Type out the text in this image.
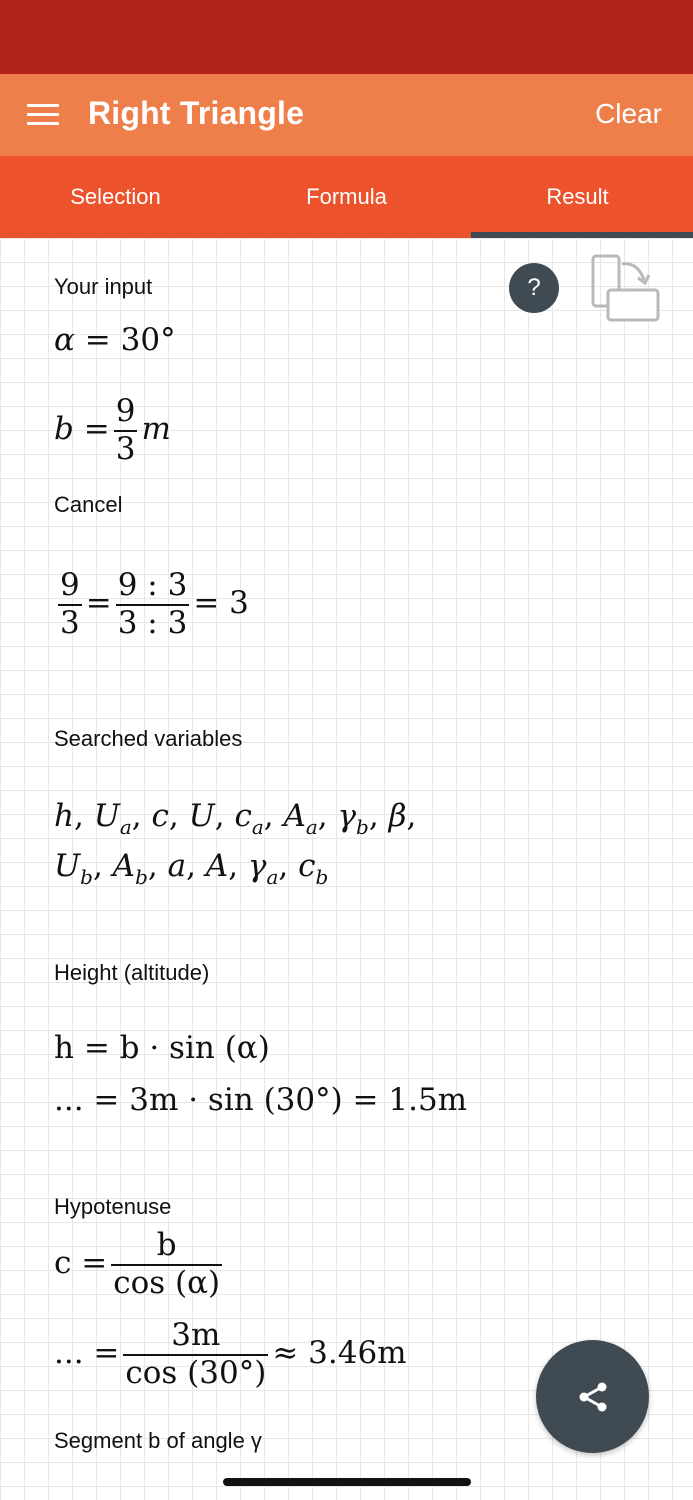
Right Triangle	Clear
Selection	Formula	Result
?
Your input
α = 30°
$b = \frac{9}{3}$ m
Cancel
$\frac{9}{3} = \frac{9 : 3}{3 : 3} = 3$
Searched variables
h, $U_a$, c, U, $c_a$, $A_a$, $\gamma_b$, β,
$U_b$, $A_b$, a, A, $\gamma_a$, $c_b$
Height (altitude)
h = b · sin (α)
... = 3m · sin (30°) = 1.5m
Hypotenuse
$c = \frac{b}{\cos (\alpha)}$
... = $\frac{3m}{\cos (30^\circ)} \approx 3.46m$
Segment b of angle γ
